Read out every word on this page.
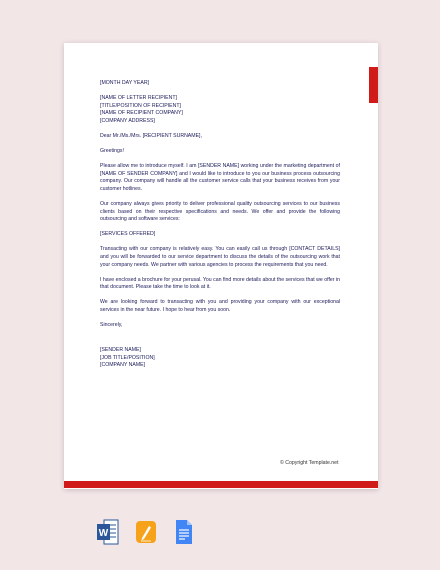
[MONTH DAY YEAR]
[NAME OF LETTER RECIPIENT]
[TITLE/POSITION OF RECIPIENT]
[NAME OF RECIPIENT COMPANY]
[COMPANY ADDRESS]

Dear Mr./Ms./Mrs. [RECIPIENT SURNAME],

Greetings!

Please allow me to introduce myself. I am [SENDER NAME] working under the marketing department of [NAME OF SENDER COMPANY] and I would like to introduce to you our business process outsourcing company. Our company will handle all the customer service calls that your business receives from your customer hotlines.

Our company always gives priority to deliver professional quality outsourcing services to our business clients based on their respective specifications and needs. We offer and provide the following outsourcing and software services:

[SERVICES OFFERED]

Transacting with our company is relatively easy. You can easily call us through [CONTACT DETAILS] and you will be forwarded to our service department to discuss the details of the outsourcing work that your company needs. We partner with various agencies to process the requirements that you need.

I have enclosed a brochure for your perusal. You can find more details about the services that we offer in that document. Please take the time to look at it.

We are looking forward to transacting with you and providing your company with our exceptional services in the near future. I hope to hear from you soon.

Sincerely,

[SENDER NAME]
[JOB TITLE/POSITION]
[COMPANY NAME]
© Copyright Template.net
W
